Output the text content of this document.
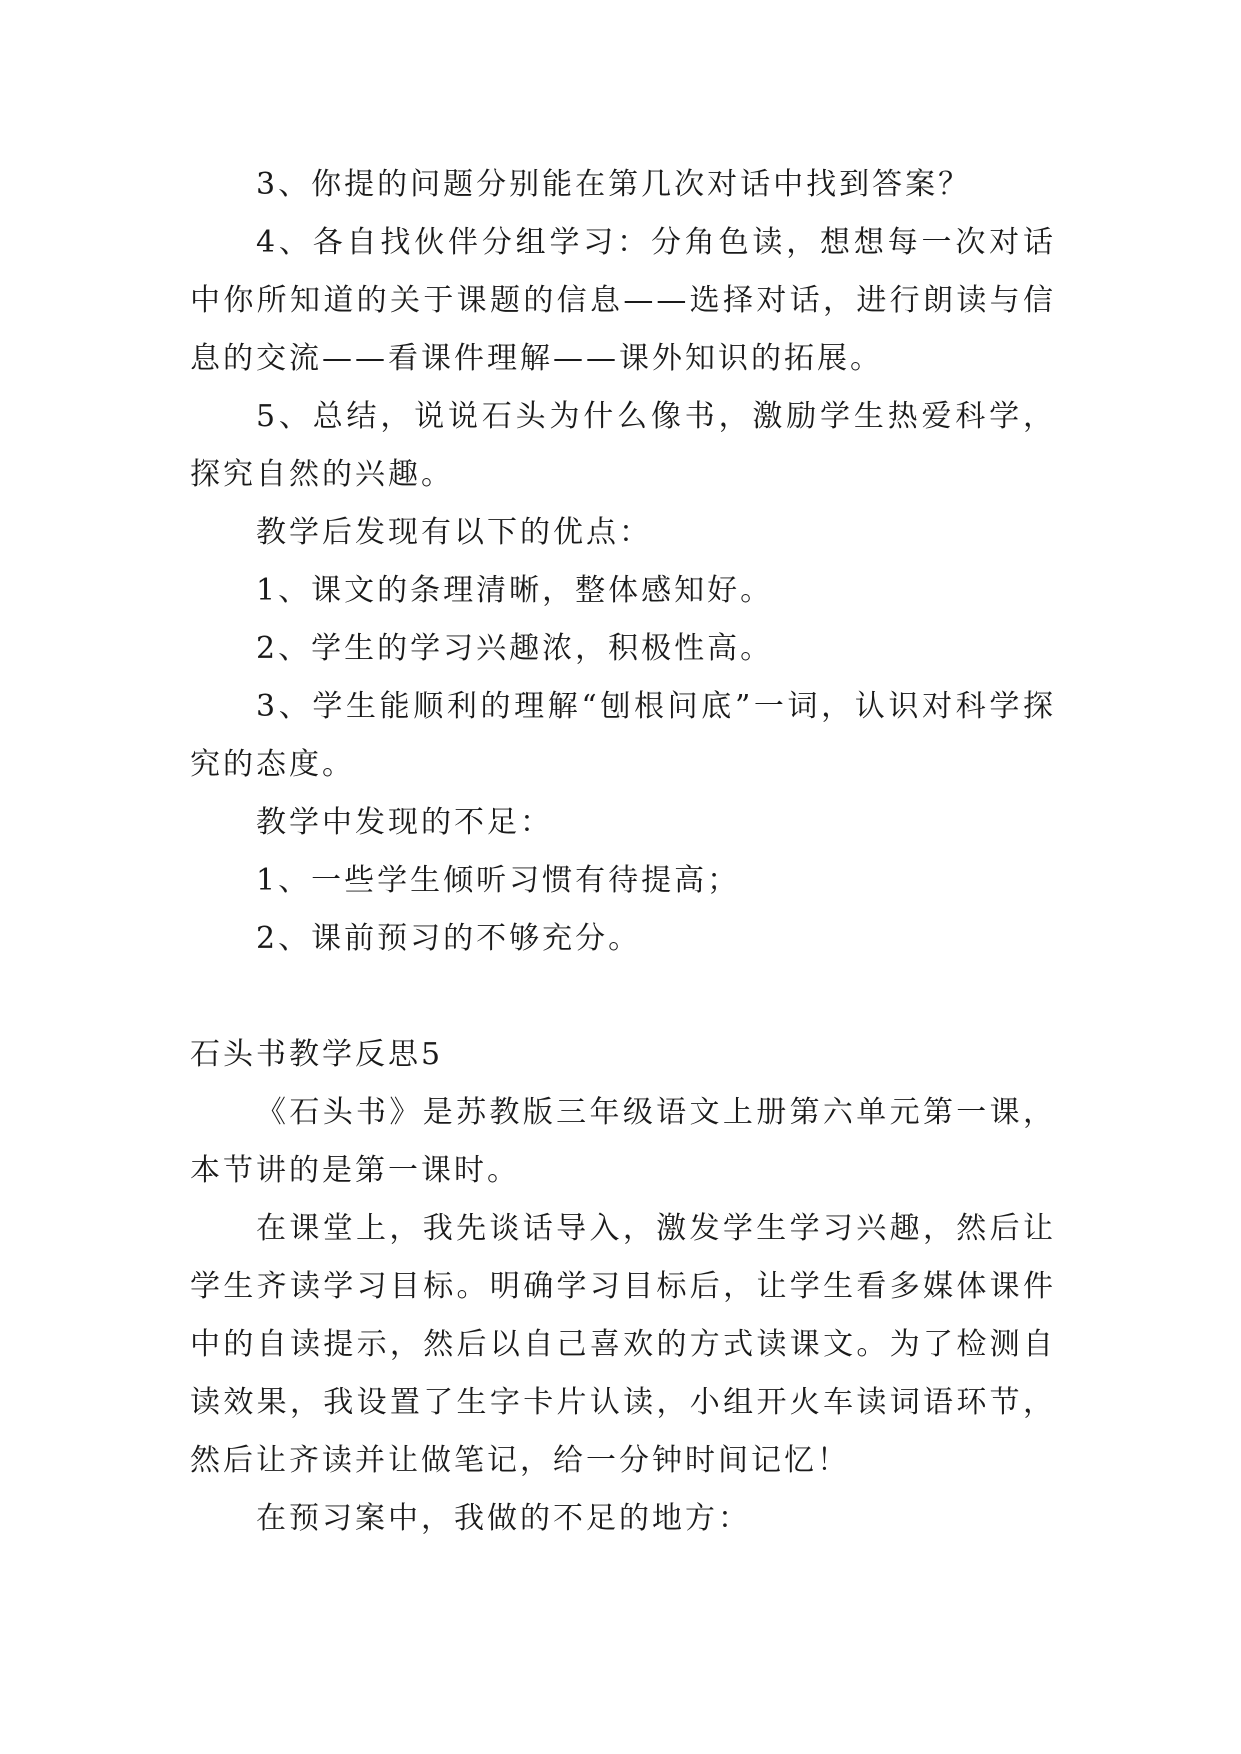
3、你提的问题分别能在第几次对话中找到答案？

4、各自找伙伴分组学习：分角色读，想想每一次对话中你所知道的关于课题的信息——选择对话，进行朗读与信息的交流——看课件理解——课外知识的拓展。

5、总结，说说石头为什么像书，激励学生热爱科学，探究自然的兴趣。

教学后发现有以下的优点：

1、课文的条理清晰，整体感知好。

2、学生的学习兴趣浓，积极性高。

3、学生能顺利的理解“刨根问底”一词，认识对科学探究的态度。

教学中发现的不足：

1、一些学生倾听习惯有待提高；

2、课前预习的不够充分。

石头书教学反思5

《石头书》是苏教版三年级语文上册第六单元第一课，本节讲的是第一课时。

在课堂上，我先谈话导入，激发学生学习兴趣，然后让学生齐读学习目标。明确学习目标后，让学生看多媒体课件中的自读提示，然后以自己喜欢的方式读课文。为了检测自读效果，我设置了生字卡片认读，小组开火车读词语环节，然后让齐读并让做笔记，给一分钟时间记忆！

在预习案中，我做的不足的地方：
